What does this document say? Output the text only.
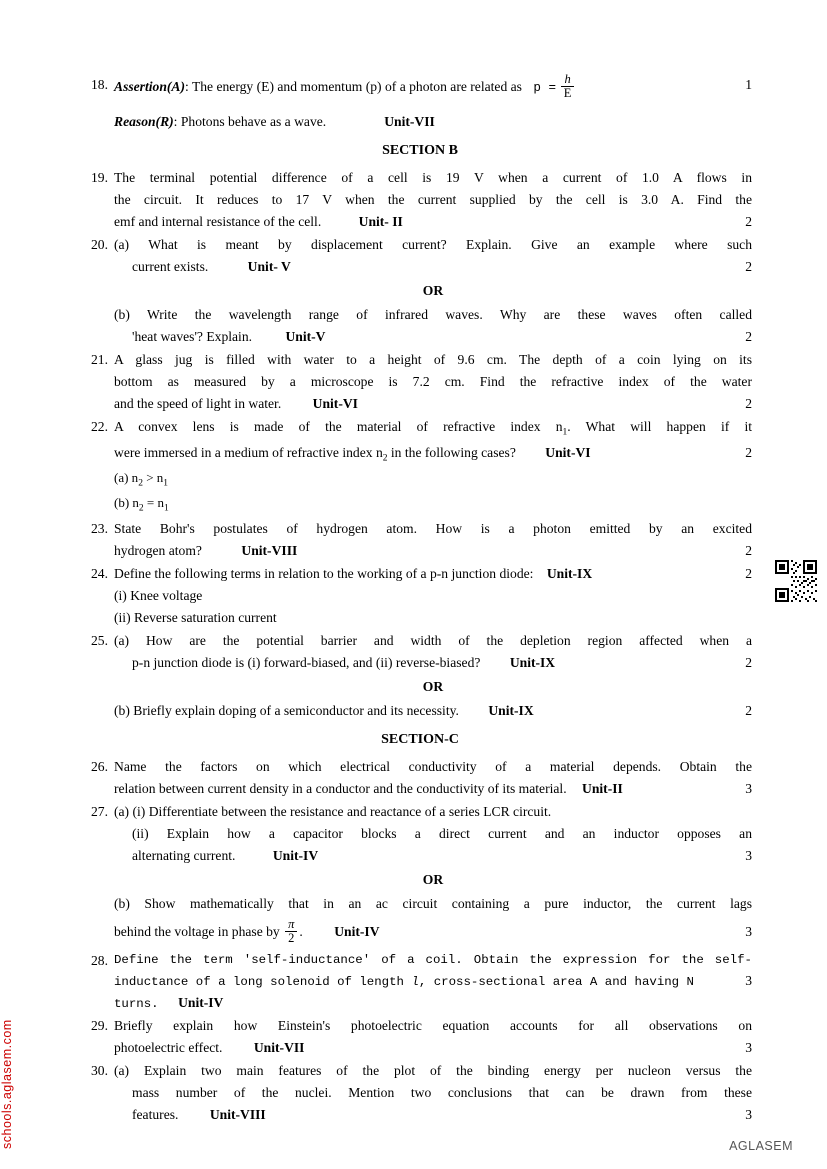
18. Assertion(A): The energy (E) and momentum (p) of a photon are related as $p = \frac{h}{E}$	1
Reason(R) : Photons behave as a wave.	Unit-VII
SECTION B
19. The terminal potential difference of a cell is 19 V when a current of 1.0 A flows in
the circuit. It reduces to 17 V when the current supplied by the cell is 3.0 A. Find the
emf and internal resistance of the cell.	Unit- II	2
20. (a) What is meant by displacement current? Explain. Give an example where such
current exists.	Unit- V	2
OR
(b) Write the wavelength range of infrared waves. Why are these waves often called
'heat waves'? Explain. Unit-V	2
21. A glass jug is filled with water to a height of 9.6 cm. The depth of a coin lying on its
bottom as measured by a microscope is 7.2 cm. Find the refractive index of the water
and the speed of light in water. Unit-VI	2
22. A convex lens is made of the material of refractive index $n_1$. What will happen if it
were immersed in a medium of refractive index $n_2$ in the following cases? Unit-VI	2
(a) $n_2 > n_1$
(b) $n_2 = n_1$
23. State Bohr's postulates of hydrogen atom. How is a photon emitted by an excited
hydrogen atom?	Unit-VIII	2
24. Define the following terms in relation to the working of a p-n junction diode: Unit-IX	2
(i) Knee voltage
(ii) Reverse saturation current
25. (a) How are the potential barrier and width of the depletion region affected when a
p-n junction diode is (i) forward-biased, and (ii) reverse-biased? Unit-IX	2
OR
(b) Briefly explain doping of a semiconductor and its necessity. Unit-IX	2
SECTION-C
26. Name the factors on which electrical conductivity of a material depends. Obtain the
relation between current density in a conductor and the conductivity of its material. Unit-II	3
27. (a) (i) Differentiate between the resistance and reactance of a series LCR circuit.
(ii) Explain how a capacitor blocks a direct current and an inductor opposes an
alternating current.	Unit-IV	3
OR
(b) Show mathematically that in an ac circuit containing a pure inductor, the current lags
behind the voltage in phase by $\frac{\pi}{2}$ . Unit-IV	3
28. Define the term 'self-inductance' of a coil. Obtain the expression for the self-
inductance of a long solenoid of length l, cross-sectional area A and having N turns. Unit-IV
3
29. Briefly explain how Einstein's photoelectric equation accounts for all observations on
photoelectric effect. Unit-VII	3
30. (a) Explain two main features of the plot of the binding energy per nucleon versus the
mass number of the nuclei. Mention two conclusions that can be drawn from these
features. Unit-VIII	3
schools.aglasem.com	AGLASEM
